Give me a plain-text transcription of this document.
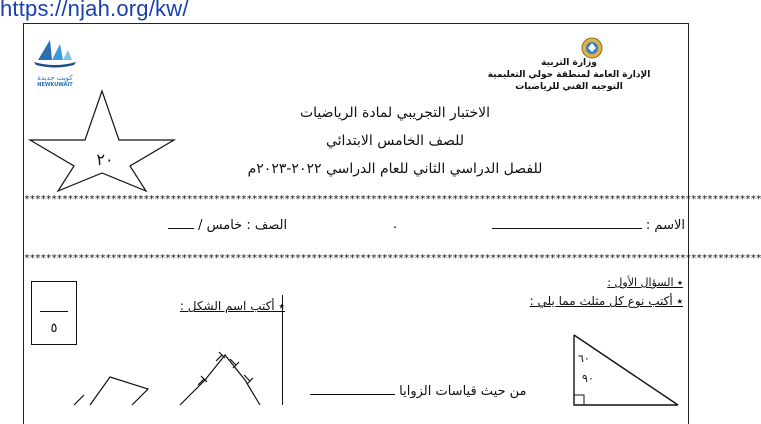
https://njah.org/kw/
كويت جديدة
NEWKUWAIT
وزارة التربية
الإدارة العامة لمنطقة حولي التعليمية
التوجيه الفني للرياضيات
٢٠
الاختبار التجريبي لمادة الرياضيات
للصف الخامس الابتدائي
للفصل الدراسي الثاني للعام الدراسي ٢٠٢٢-٢٠٢٣م
****************************************************************************************************************************************
****************************************************************************************************************************************
الاسم :
.
الصف : خامس /
٭ السؤال الأول :
٭ أكتب نوع كل مثلث مما يلي :
٭ أكتب اسم الشكل :
٥
من حيث قياسات الزوايا
٦٠
٩٠
